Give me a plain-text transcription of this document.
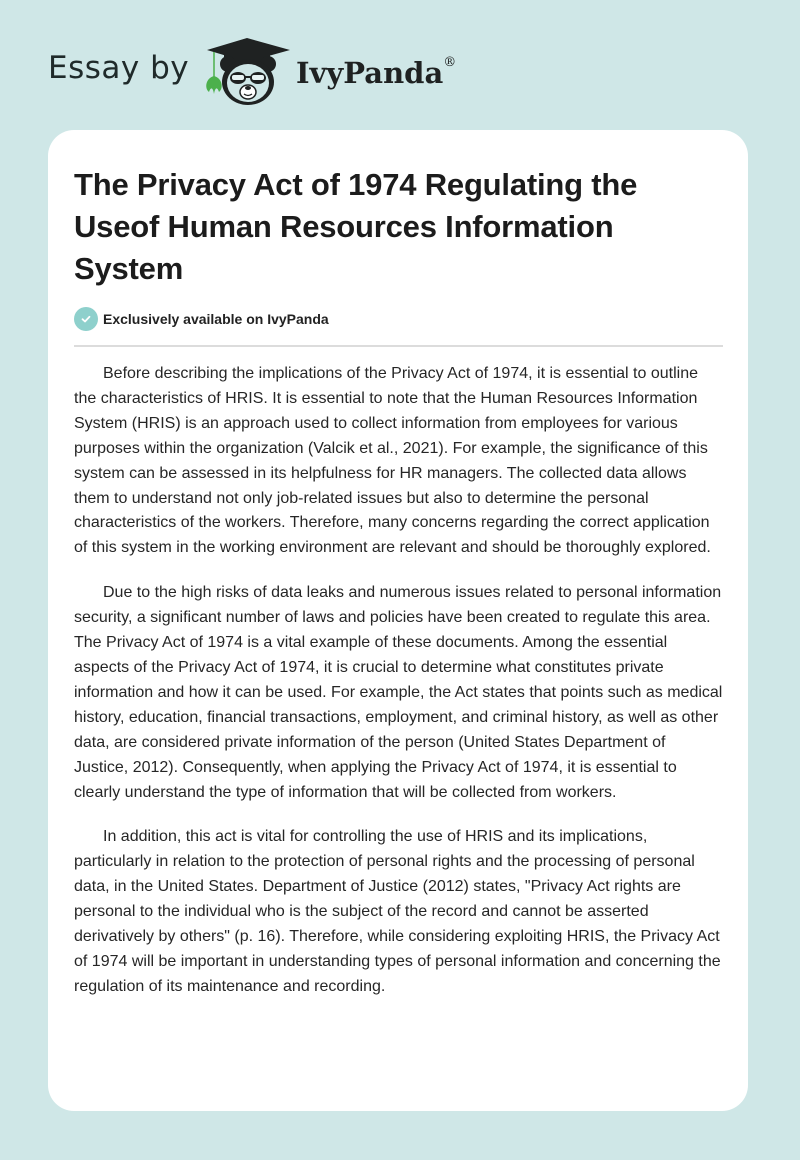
Essay by	IvyPanda®
The Privacy Act of 1974 Regulating the Useof Human Resources Information System
Exclusively available on IvyPanda

Before describing the implications of the Privacy Act of 1974, it is essential to outline the characteristics of HRIS. It is essential to note that the Human Resources Information System (HRIS) is an approach used to collect information from employees for various purposes within the organization (Valcik et al., 2021). For example, the significance of this system can be assessed in its helpfulness for HR managers. The collected data allows them to understand not only job-related issues but also to determine the personal characteristics of the workers. Therefore, many concerns regarding the correct application of this system in the working environment are relevant and should be thoroughly explored.

Due to the high risks of data leaks and numerous issues related to personal information security, a significant number of laws and policies have been created to regulate this area. The Privacy Act of 1974 is a vital example of these documents. Among the essential aspects of the Privacy Act of 1974, it is crucial to determine what constitutes private information and how it can be used. For example, the Act states that points such as medical history, education, financial transactions, employment, and criminal history, as well as other data, are considered private information of the person (United States Department of Justice, 2012). Consequently, when applying the Privacy Act of 1974, it is essential to clearly understand the type of information that will be collected from workers.

In addition, this act is vital for controlling the use of HRIS and its implications, particularly in relation to the protection of personal rights and the processing of personal data, in the United States. Department of Justice (2012) states, "Privacy Act rights are personal to the individual who is the subject of the record and cannot be asserted derivatively by others" (p. 16). Therefore, while considering exploiting HRIS, the Privacy Act of 1974 will be important in understanding types of personal information and concerning the regulation of its maintenance and recording.
